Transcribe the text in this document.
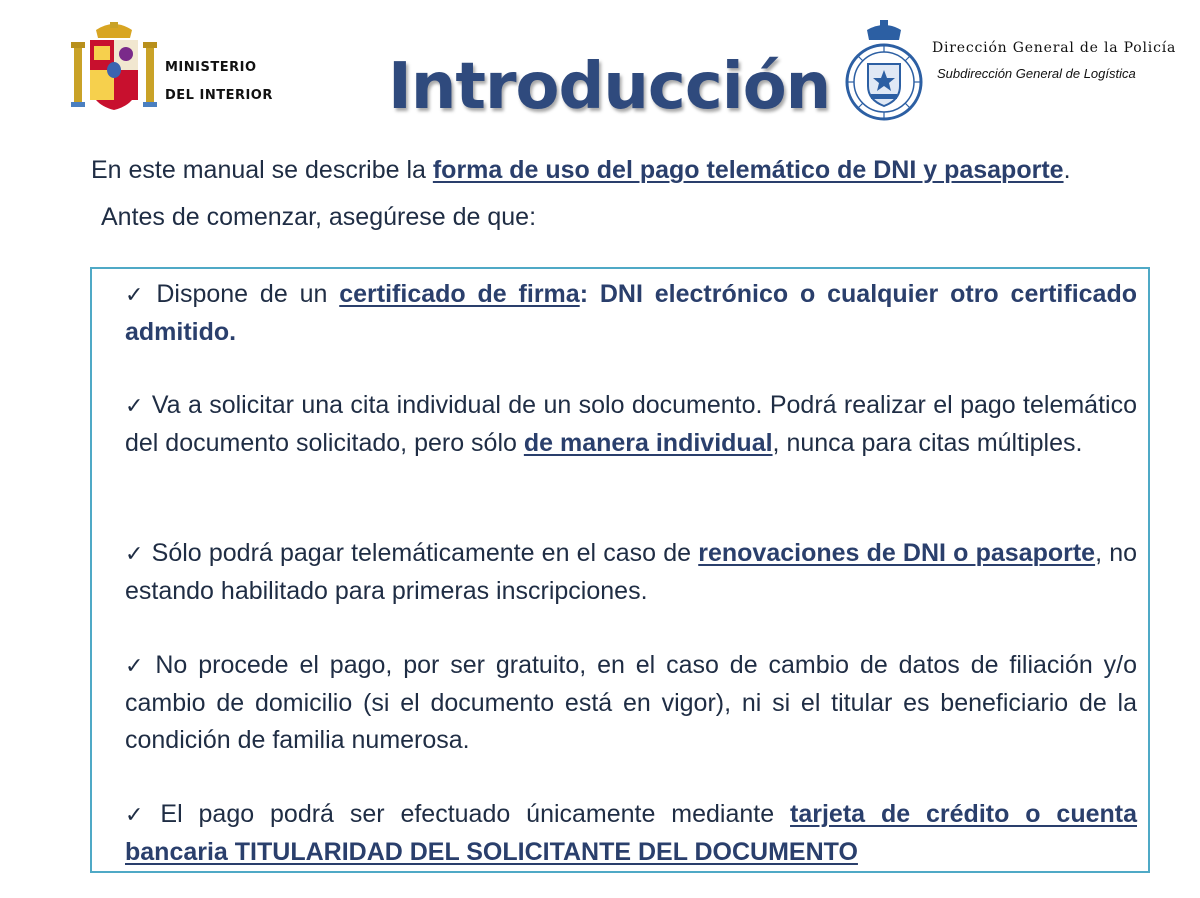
MINISTERIO
DEL INTERIOR Introducción
Dirección General de la Policía
Subdirección General de Logística
En este manual se describe la forma de uso del pago telemático de DNI y pasaporte.
Antes de comenzar, asegúrese de que:
✓ Dispone de un certificado de firma: DNI electrónico o cualquier otro certificado admitido.
✓ Va a solicitar una cita individual de un solo documento. Podrá realizar el pago telemático del documento solicitado, pero sólo de manera individual, nunca para citas múltiples.
✓ Sólo podrá pagar telemáticamente en el caso de renovaciones de DNI o pasaporte, no estando habilitado para primeras inscripciones.
✓ No procede el pago, por ser gratuito, en el caso de cambio de datos de filiación y/o cambio de domicilio (si el documento está en vigor), ni si el titular es beneficiario de la condición de familia numerosa.
✓ El pago podrá ser efectuado únicamente mediante tarjeta de crédito o cuenta bancaria TITULARIDAD DEL SOLICITANTE DEL DOCUMENTO
